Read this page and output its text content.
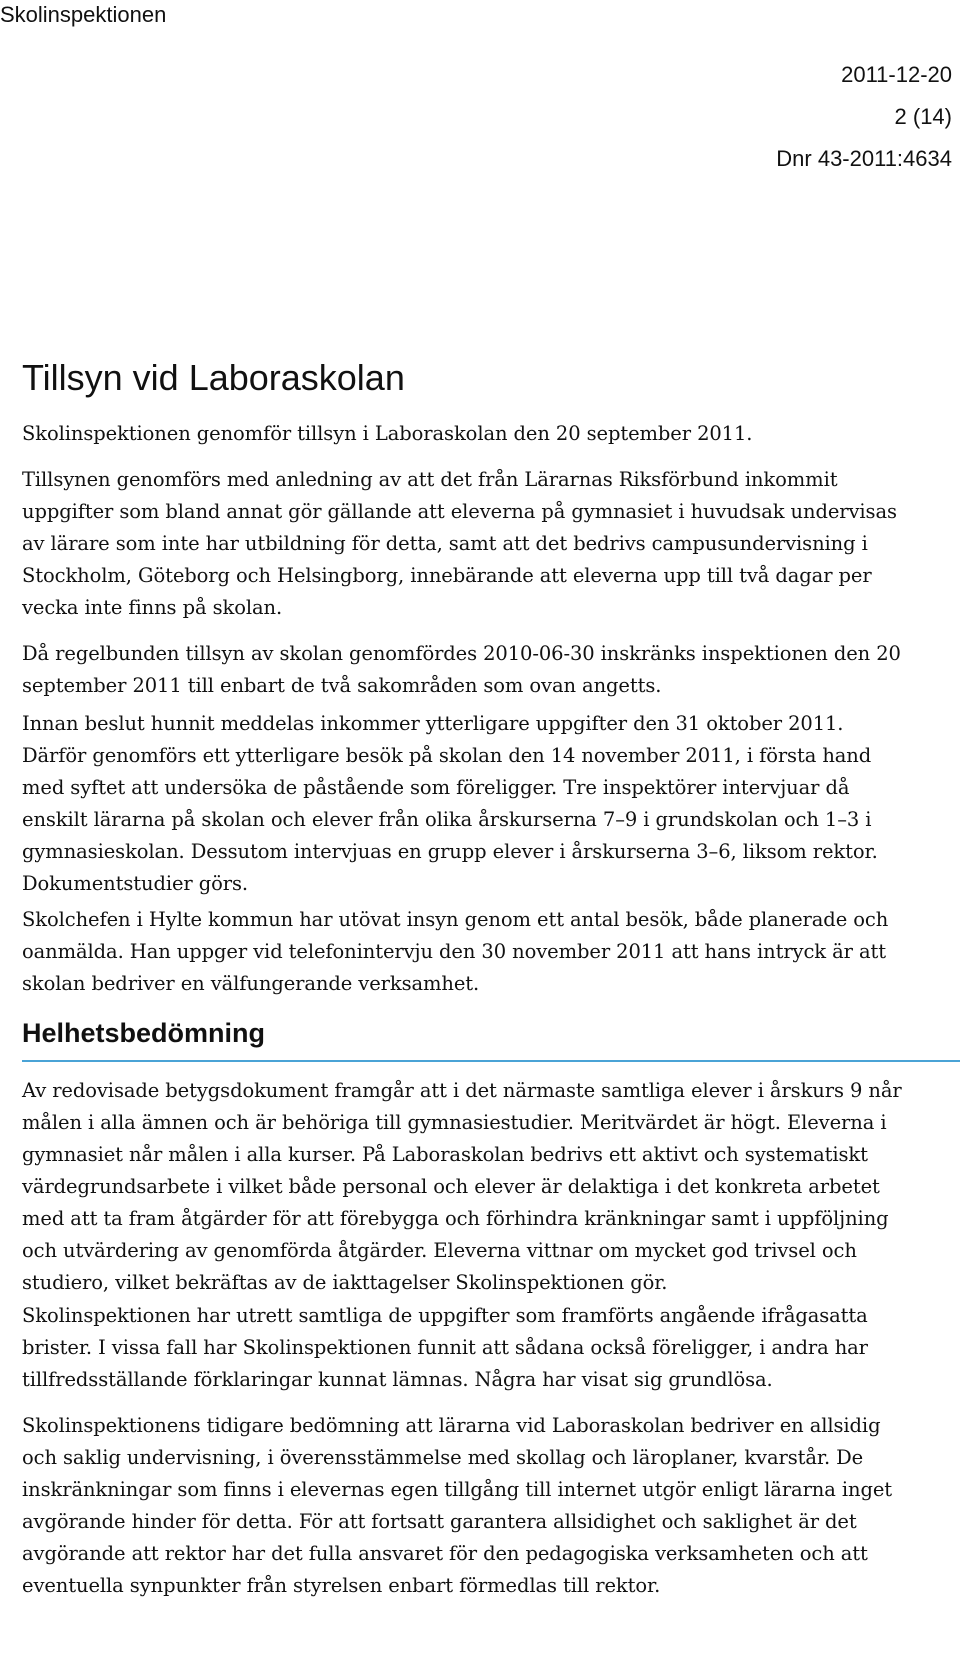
Skolinspektionen
2011-12-20
2 (14)
Dnr 43-2011:4634
Tillsyn vid Laboraskolan

Skolinspektionen genomför tillsyn i Laboraskolan den 20 september 2011.

Tillsynen genomförs med anledning av att det från Lärarnas Riksförbund inkommit uppgifter som bland annat gör gällande att eleverna på gymnasiet i huvudsak undervisas av lärare som inte har utbildning för detta, samt att det bedrivs campusundervisning i Stockholm, Göteborg och Helsingborg, innebärande att eleverna upp till två dagar per vecka inte finns på skolan.

Då regelbunden tillsyn av skolan genomfördes 2010-06-30 inskränks inspektionen den 20 september 2011 till enbart de två sakområden som ovan angetts.

Innan beslut hunnit meddelas inkommer ytterligare uppgifter den 31 oktober 2011. Därför genomförs ett ytterligare besök på skolan den 14 november 2011, i första hand med syftet att undersöka de påstående som föreligger. Tre inspektörer intervjuar då enskilt lärarna på skolan och elever från olika årskurserna 7–9 i grundskolan och 1–3 i gymnasieskolan. Dessutom intervjuas en grupp elever i årskurserna 3–6, liksom rektor. Dokumentstudier görs.

Skolchefen i Hylte kommun har utövat insyn genom ett antal besök, både planerade och oanmälda. Han uppger vid telefonintervju den 30 november 2011 att hans intryck är att skolan bedriver en välfungerande verksamhet.

Helhetsbedömning

Av redovisade betygsdokument framgår att i det närmaste samtliga elever i årskurs 9 når målen i alla ämnen och är behöriga till gymnasiestudier. Meritvärdet är högt. Eleverna i gymnasiet når målen i alla kurser. På Laboraskolan bedrivs ett aktivt och systematiskt värdegrundsarbete i vilket både personal och elever är delaktiga i det konkreta arbetet med att ta fram åtgärder för att förebygga och förhindra kränkningar samt i uppföljning och utvärdering av genomförda åtgärder. Eleverna vittnar om mycket god trivsel och studiero, vilket bekräftas av de iakttagelser Skolinspektionen gör.

Skolinspektionen har utrett samtliga de uppgifter som framförts angående ifrågasatta brister. I vissa fall har Skolinspektionen funnit att sådana också föreligger, i andra har tillfredsställande förklaringar kunnat lämnas. Några har visat sig grundlösa.

Skolinspektionens tidigare bedömning att lärarna vid Laboraskolan bedriver en allsidig och saklig undervisning, i överensstämmelse med skollag och läroplaner, kvarstår. De inskränkningar som finns i elevernas egen tillgång till internet utgör enligt lärarna inget avgörande hinder för detta. För att fortsatt garantera allsidighet och saklighet är det avgörande att rektor har det fulla ansvaret för den pedagogiska verksamheten och att eventuella synpunkter från styrelsen enbart förmedlas till rektor.
